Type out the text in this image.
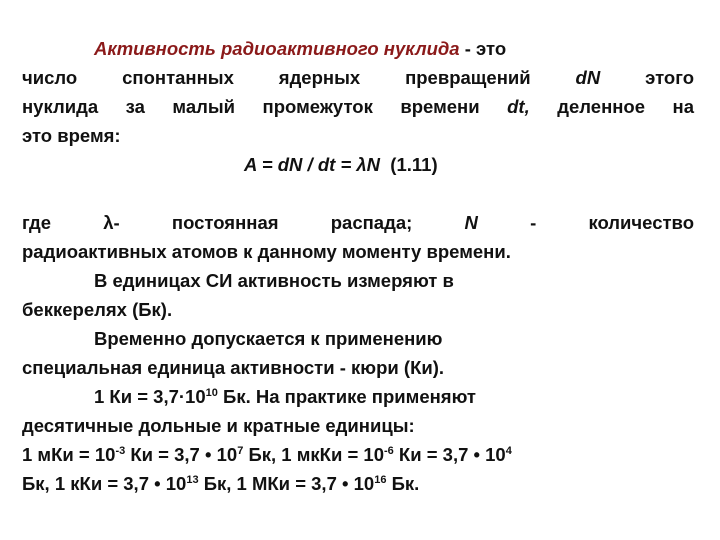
Активность радиоактивного нуклида - это
число спонтанных ядерных превращений dN этого
нуклида за малый промежуток времени dt, деленное на
это время:
A = dN / dt = λN  (1.11)
где  λ-  постоянная  распада;  N  -  количество
радиоактивных атомов к данному моменту времени.
В единицах СИ активность измеряют в
беккерелях (Бк).
Временно допускается к применению
специальная единица активности - кюри (Ки).
1 Ки = $3,7\cdot 10^{10}$ Бк. На практике применяют
десятичные дольные и кратные единицы:
1 мКи = $10^{-3}$ Ки = 3,7 • $10^7$ Бк, 1 мкКи = $10^{-6}$ Ки = 3,7 • $10^4$
Бк, 1 кКи = 3,7 • $10^{13}$ Бк, 1 МКи = 3,7 • $10^{16}$ Бк.
